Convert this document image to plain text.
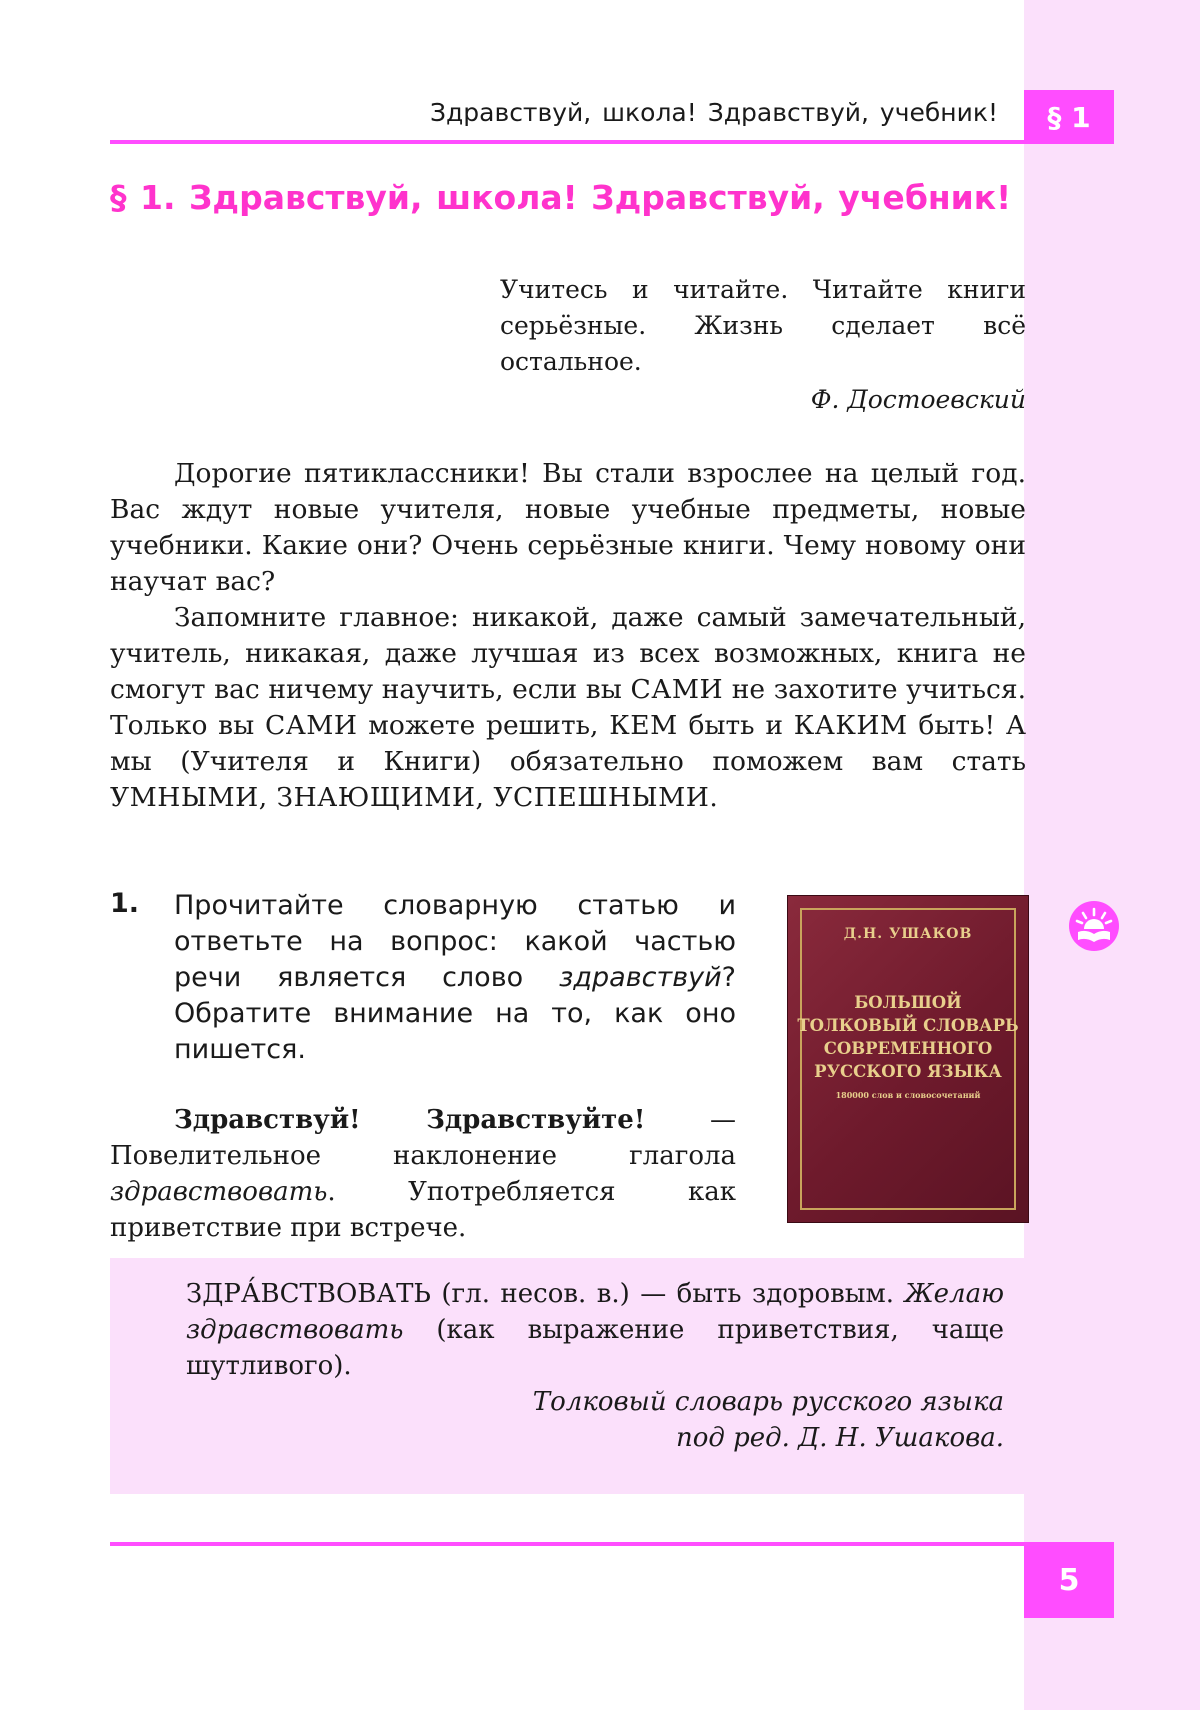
§ 1
Здравствуй, школа! Здравствуй, учебник!
§ 1. Здравствуй, школа! Здравствуй, учебник!
Учитесь и читайте. Читайте книги серьёзные. Жизнь сделает всё остальное.
Ф. Достоевский

Дорогие пятиклассники! Вы стали взрослее на целый год. Вас ждут новые учителя, новые учебные предметы, новые учебники. Какие они? Очень серьёзные книги. Чему новому они научат вас?

Запомните главное: никакой, даже самый замечательный, учитель, никакая, даже лучшая из всех возможных, книга не смогут вас ничему научить, если вы САМИ не захотите учиться. Только вы САМИ можете решить, КЕМ быть и КАКИМ быть! А мы (Учителя и Книги) обязательно поможем вам стать УМНЫМИ, ЗНАЮЩИМИ, УСПЕШНЫМИ.

1. Прочитайте словарную статью и ответьте на вопрос: какой частью речи является слово здравствуй? Обратите внимание на то, как оно пишется.

Здравствуй! Здравствуйте! — Повелительное наклонение глагола здравствовать. Употребляется как приветствие при встрече.

Д.Н. УШАКОВ
БОЛЬШОЙ
ТОЛКОВЫЙ СЛОВАРЬ
СОВРЕМЕННОГО
РУССКОГО ЯЗЫКА
180000 слов и словосочетаний
ЗДРА́ВСТВОВАТЬ (гл. несов. в.) — быть здоровым. Желаю здравствовать (как выражение приветствия, чаще шутливого).
Толковый словарь русского языка
под ред. Д. Н. Ушакова.
5
